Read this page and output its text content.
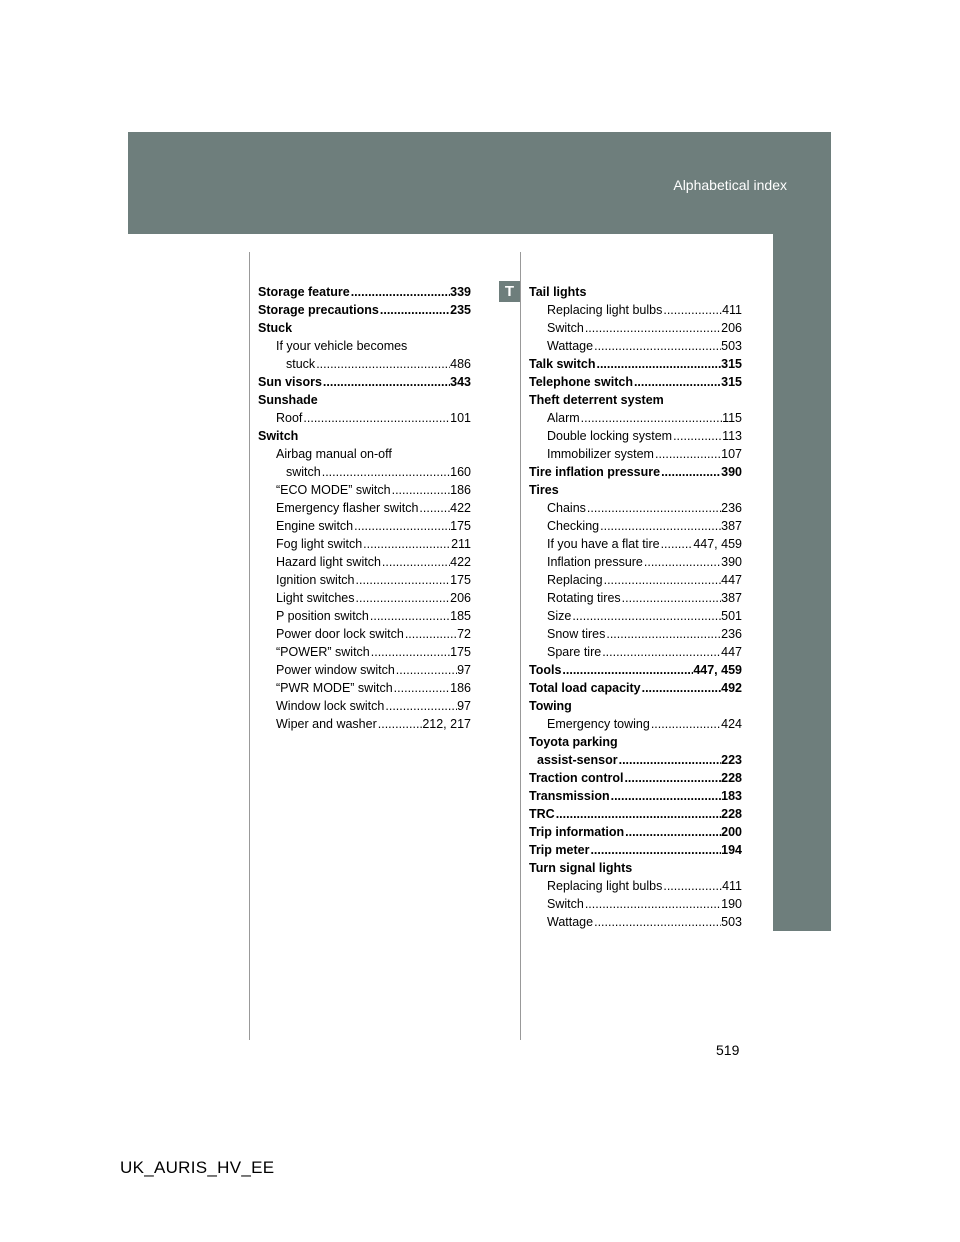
Alphabetical index
T
Storage feature .....	339
Storage precautions .....	235
Stuck
If your vehicle becomes
stuck .....	486
Sun visors .....	343
Sunshade
Roof .....	101
Switch
Airbag manual on-off
switch .....	160
“ECO MODE” switch .....	186
Emergency flasher switch .....	422
Engine switch .....	175
Fog light switch .....	211
Hazard light switch .....	422
Ignition switch .....	175
Light switches .....	206
P position switch .....	185
Power door lock switch .....	72
“POWER” switch .....	175
Power window switch .....	97
“PWR MODE” switch .....	186
Window lock switch .....	97
Wiper and washer .....	212, 217
Tail lights
Replacing light bulbs .....	411
Switch .....	206
Wattage .....	503
Talk switch .....	315
Telephone switch .....	315
Theft deterrent system
Alarm .....	115
Double locking system .....	113
Immobilizer system .....	107
Tire inflation pressure .....	390
Tires
Chains .....	236
Checking .....	387
If you have a flat tire .....	447, 459
Inflation pressure .....	390
Replacing .....	447
Rotating tires .....	387
Size .....	501
Snow tires .....	236
Spare tire .....	447
Tools .....	447, 459
Total load capacity .....	492
Towing
Emergency towing .....	424
Toyota parking
assist-sensor .....	223
Traction control .....	228
Transmission .....	183
TRC .....	228
Trip information .....	200
Trip meter .....	194
Turn signal lights
Replacing light bulbs .....	411
Switch .....	190
Wattage .....	503
519
UK_AURIS_HV_EE
